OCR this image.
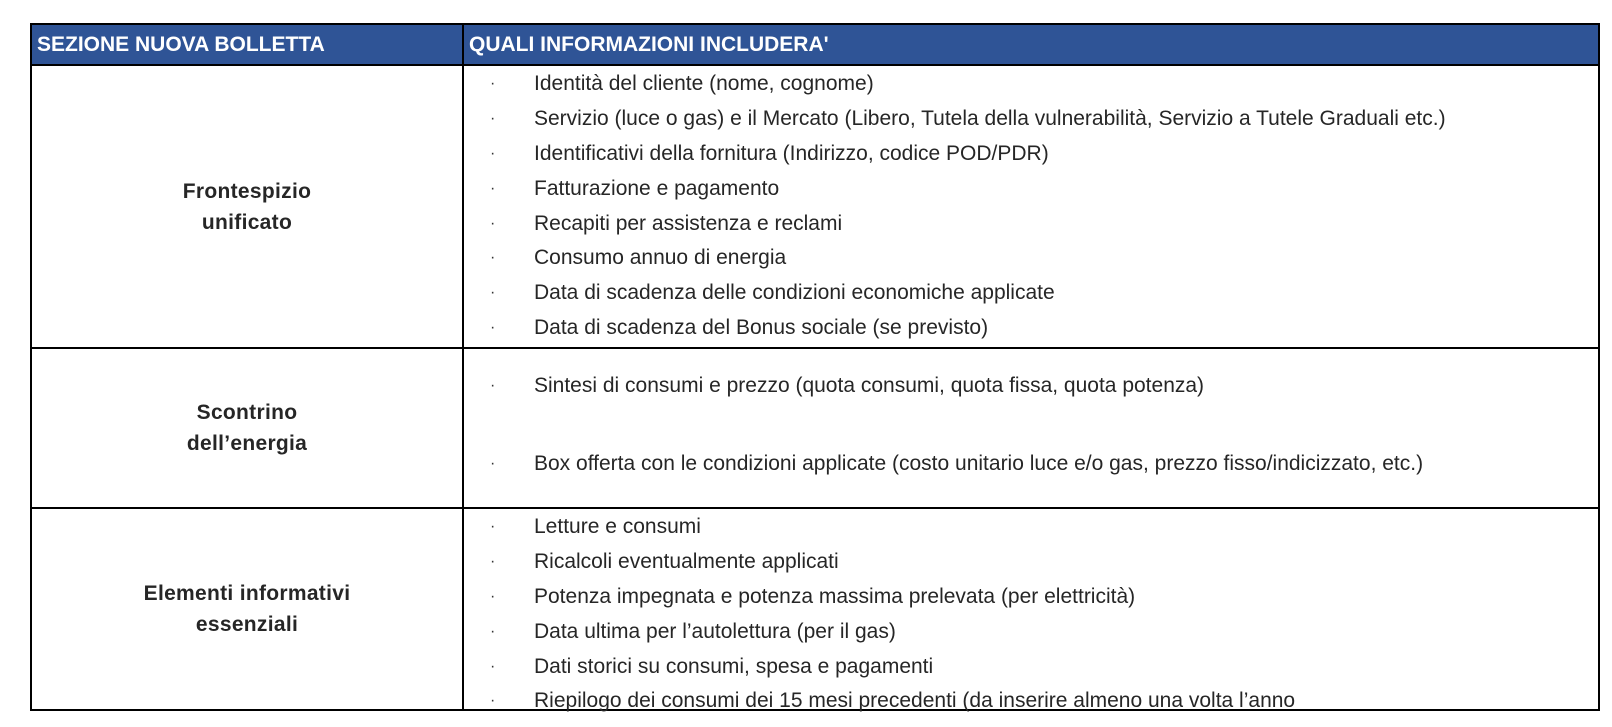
SEZIONE NUOVA BOLLETTA	QUALI INFORMAZIONI INCLUDERA'
Frontespizio
unificato
·	Identità del cliente (nome, cognome)
·	Servizio (luce o gas) e il Mercato (Libero, Tutela della vulnerabilità, Servizio a Tutele Graduali etc.)
·	Identificativi della fornitura (Indirizzo, codice POD/PDR)
·	Fatturazione e pagamento
·	Recapiti per assistenza e reclami
·	Consumo annuo di energia
·	Data di scadenza delle condizioni economiche applicate
·	Data di scadenza del Bonus sociale (se previsto)
Scontrino
dell’energia
·	Sintesi di consumi e prezzo (quota consumi, quota fissa, quota potenza)
·	Box offerta con le condizioni applicate (costo unitario luce e/o gas, prezzo fisso/indicizzato, etc.)
Elementi informativi
essenziali
·	Letture e consumi
·	Ricalcoli eventualmente applicati
·	Potenza impegnata e potenza massima prelevata (per elettricità)
·	Data ultima per l’autolettura (per il gas)
·	Dati storici su consumi, spesa e pagamenti
·	Riepilogo dei consumi dei 15 mesi precedenti (da inserire almeno una volta l’anno
